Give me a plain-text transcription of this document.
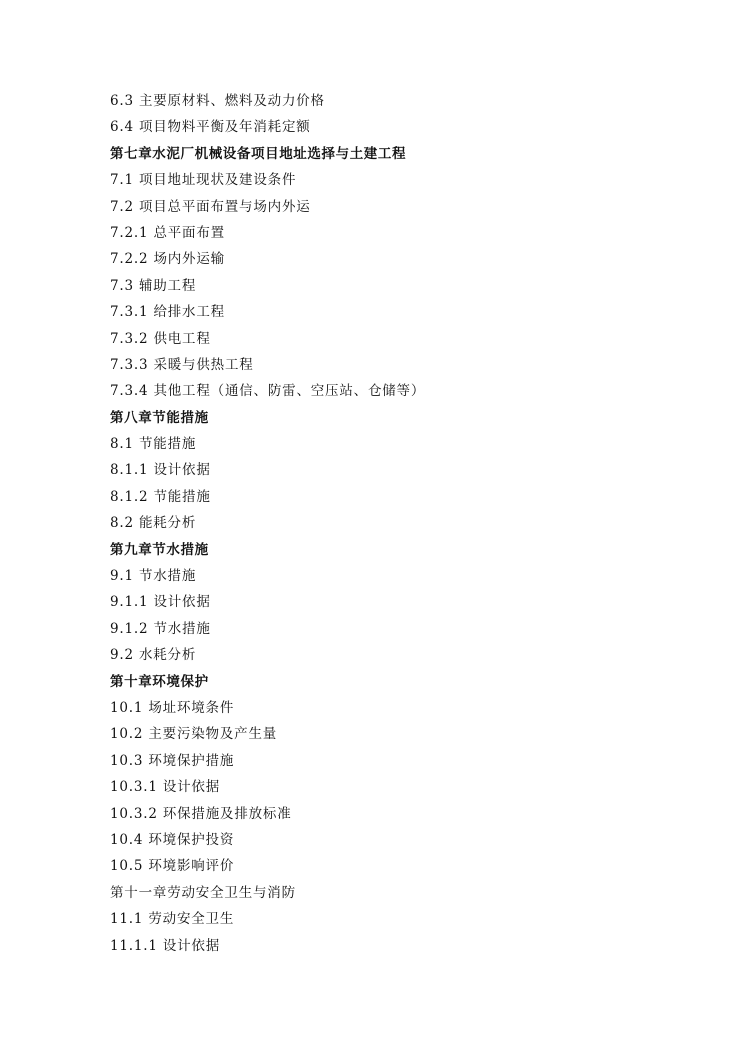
6.3 主要原材料、燃料及动力价格
6.4 项目物料平衡及年消耗定额
第七章水泥厂机械设备项目地址选择与土建工程
7.1 项目地址现状及建设条件
7.2 项目总平面布置与场内外运
7.2.1 总平面布置
7.2.2 场内外运输
7.3 辅助工程
7.3.1 给排水工程
7.3.2 供电工程
7.3.3 采暖与供热工程
7.3.4 其他工程（通信、防雷、空压站、仓储等）
第八章节能措施
8.1 节能措施
8.1.1 设计依据
8.1.2 节能措施
8.2 能耗分析
第九章节水措施
9.1 节水措施
9.1.1 设计依据
9.1.2 节水措施
9.2 水耗分析
第十章环境保护
10.1 场址环境条件
10.2 主要污染物及产生量
10.3 环境保护措施
10.3.1 设计依据
10.3.2 环保措施及排放标准
10.4 环境保护投资
10.5 环境影响评价
第十一章劳动安全卫生与消防
11.1 劳动安全卫生
11.1.1 设计依据
